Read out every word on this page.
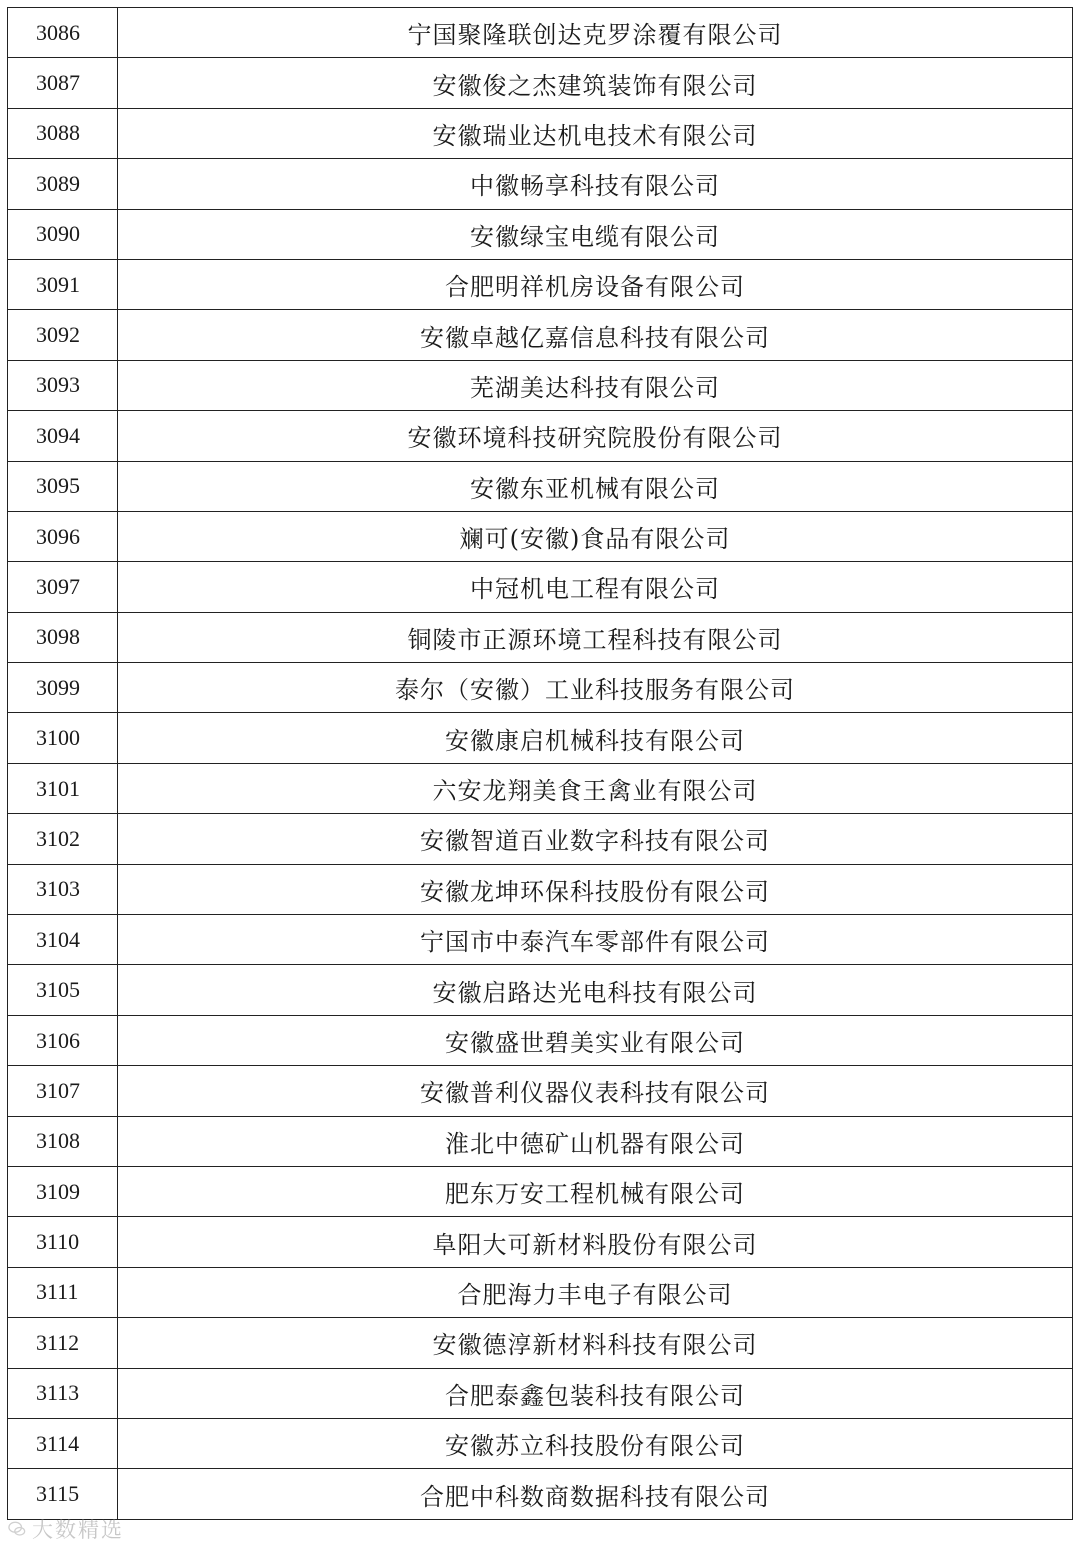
3086	宁国聚隆联创达克罗涂覆有限公司
3087	安徽俊之杰建筑装饰有限公司
3088	安徽瑞业达机电技术有限公司
3089	中徽畅享科技有限公司
3090	安徽绿宝电缆有限公司
3091	合肥明祥机房设备有限公司
3092	安徽卓越亿嘉信息科技有限公司
3093	芜湖美达科技有限公司
3094	安徽环境科技研究院股份有限公司
3095	安徽东亚机械有限公司
3096	斓可(安徽)食品有限公司
3097	中冠机电工程有限公司
3098	铜陵市正源环境工程科技有限公司
3099	泰尔（安徽）工业科技服务有限公司
3100	安徽康启机械科技有限公司
3101	六安龙翔美食王禽业有限公司
3102	安徽智道百业数字科技有限公司
3103	安徽龙坤环保科技股份有限公司
3104	宁国市中泰汽车零部件有限公司
3105	安徽启路达光电科技有限公司
3106	安徽盛世碧美实业有限公司
3107	安徽普利仪器仪表科技有限公司
3108	淮北中德矿山机器有限公司
3109	肥东万安工程机械有限公司
3110	阜阳大可新材料股份有限公司
3111	合肥海力丰电子有限公司
3112	安徽德淳新材料科技有限公司
3113	合肥泰鑫包装科技有限公司
3114	安徽苏立科技股份有限公司
3115	合肥中科数商数据科技有限公司
大数精选
